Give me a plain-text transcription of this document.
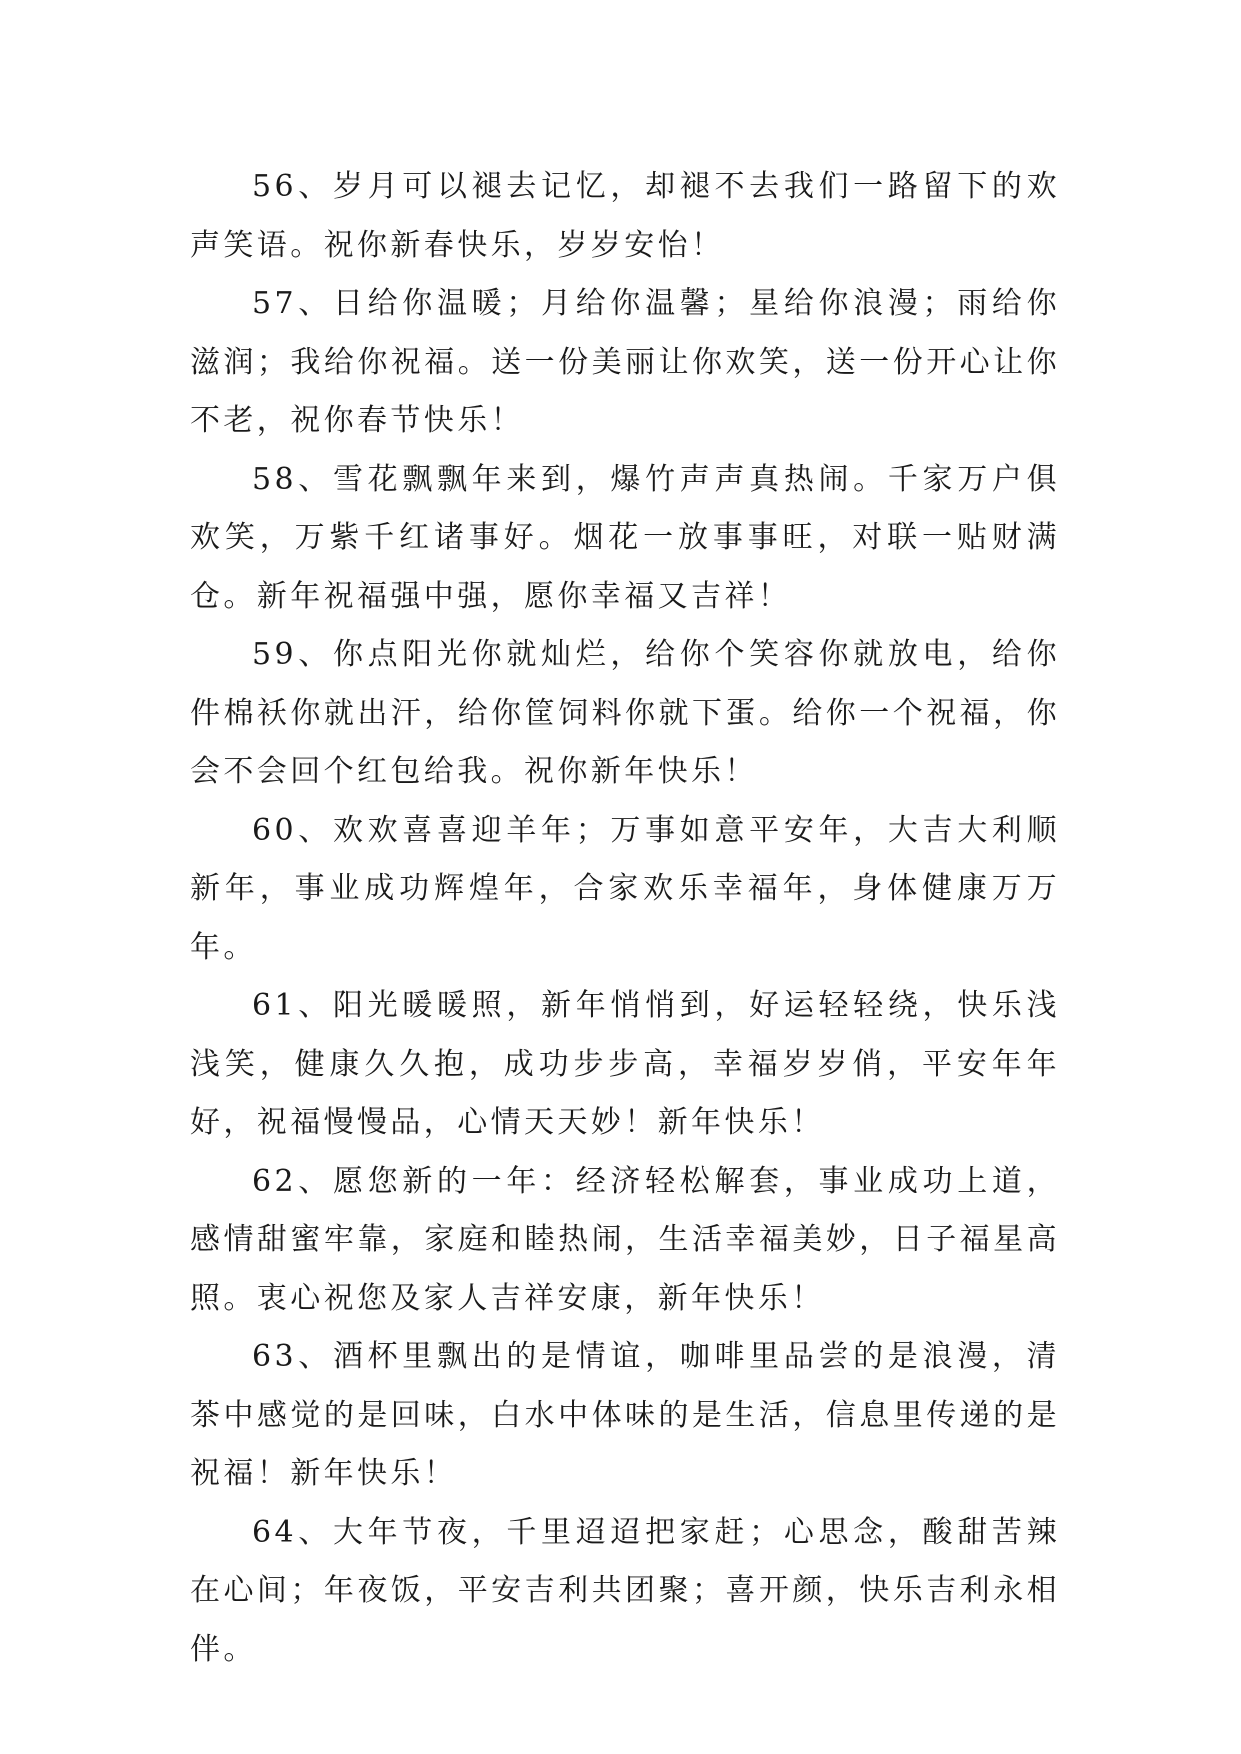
56、岁月可以褪去记忆，却褪不去我们一路留下的欢声笑语。祝你新春快乐，岁岁安怡！

57、日给你温暖；月给你温馨；星给你浪漫；雨给你滋润；我给你祝福。送一份美丽让你欢笑，送一份开心让你不老，祝你春节快乐！

58、雪花飘飘年来到，爆竹声声真热闹。千家万户俱欢笑，万紫千红诸事好。烟花一放事事旺，对联一贴财满仓。新年祝福强中强，愿你幸福又吉祥！

59、你点阳光你就灿烂，给你个笑容你就放电，给你件棉袄你就出汗，给你筐饲料你就下蛋。给你一个祝福，你会不会回个红包给我。祝你新年快乐！

60、欢欢喜喜迎羊年；万事如意平安年，大吉大利顺新年，事业成功辉煌年，合家欢乐幸福年，身体健康万万年。

61、阳光暖暖照，新年悄悄到，好运轻轻绕，快乐浅浅笑，健康久久抱，成功步步高，幸福岁岁俏，平安年年好，祝福慢慢品，心情天天妙！新年快乐！

62、愿您新的一年：经济轻松解套，事业成功上道，感情甜蜜牢靠，家庭和睦热闹，生活幸福美妙，日子福星高照。衷心祝您及家人吉祥安康，新年快乐！

63、酒杯里飘出的是情谊，咖啡里品尝的是浪漫，清茶中感觉的是回味，白水中体味的是生活，信息里传递的是祝福！新年快乐！

64、大年节夜，千里迢迢把家赶；心思念，酸甜苦辣在心间；年夜饭，平安吉利共团聚；喜开颜，快乐吉利永相伴。
